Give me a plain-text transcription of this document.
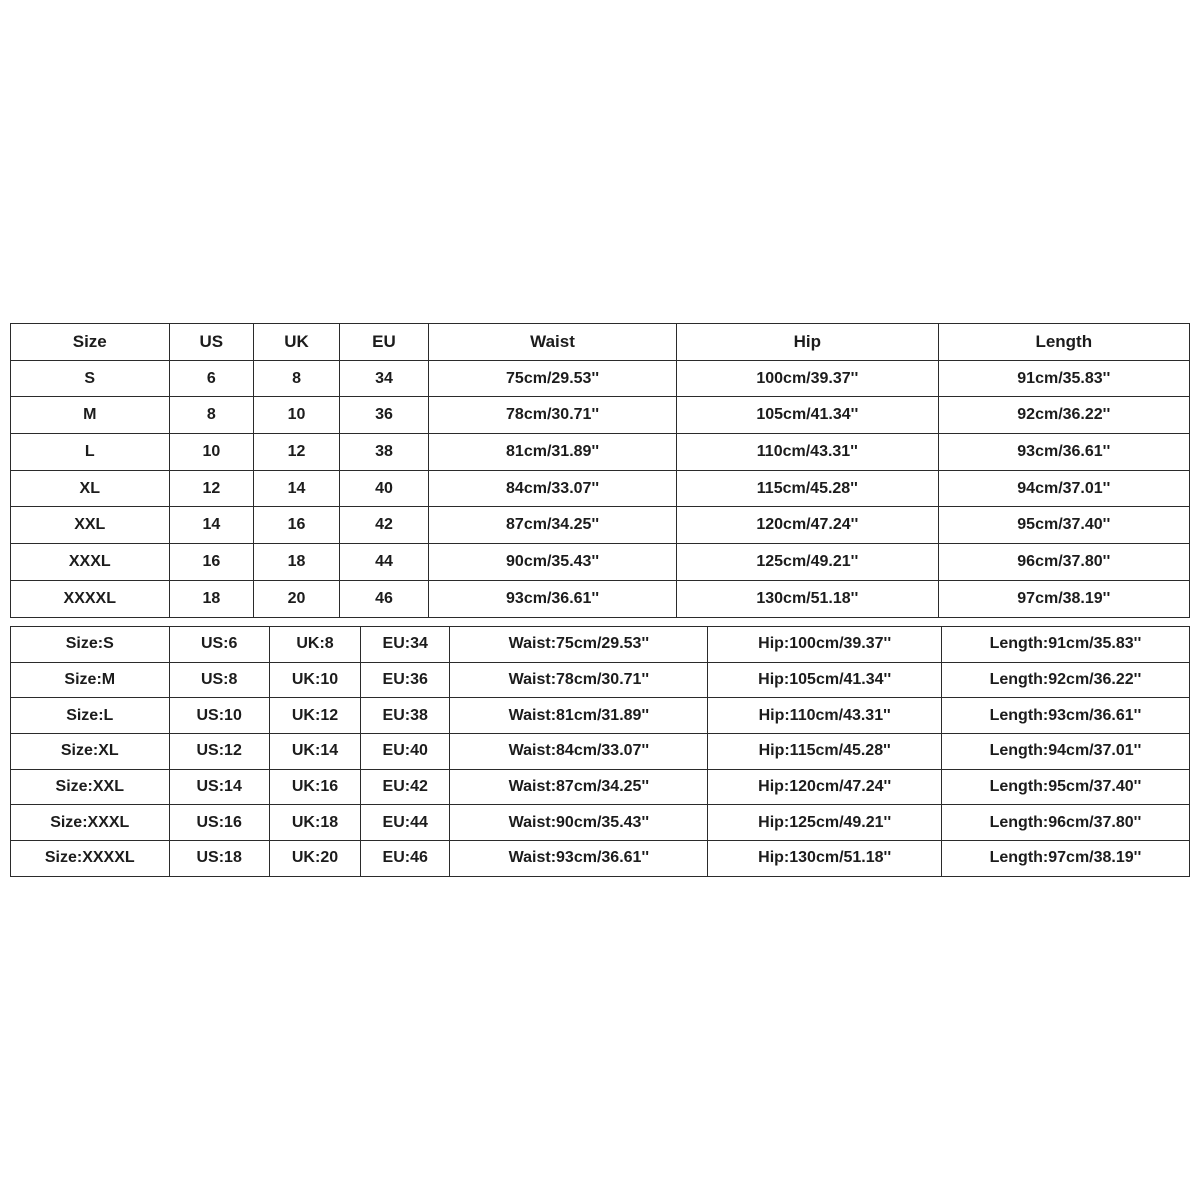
Size	US	UK	EU	Waist	Hip	Length
S	6	8	34	75cm/29.53''	100cm/39.37''	91cm/35.83''
M	8	10	36	78cm/30.71''	105cm/41.34''	92cm/36.22''
L	10	12	38	81cm/31.89''	110cm/43.31''	93cm/36.61''
XL	12	14	40	84cm/33.07''	115cm/45.28''	94cm/37.01''
XXL	14	16	42	87cm/34.25''	120cm/47.24''	95cm/37.40''
XXXL	16	18	44	90cm/35.43''	125cm/49.21''	96cm/37.80''
XXXXL	18	20	46	93cm/36.61''	130cm/51.18''	97cm/38.19''
Size:S	US:6	UK:8	EU:34	Waist:75cm/29.53''	Hip:100cm/39.37''	Length:91cm/35.83''
Size:M	US:8	UK:10	EU:36	Waist:78cm/30.71''	Hip:105cm/41.34''	Length:92cm/36.22''
Size:L	US:10	UK:12	EU:38	Waist:81cm/31.89''	Hip:110cm/43.31''	Length:93cm/36.61''
Size:XL	US:12	UK:14	EU:40	Waist:84cm/33.07''	Hip:115cm/45.28''	Length:94cm/37.01''
Size:XXL	US:14	UK:16	EU:42	Waist:87cm/34.25''	Hip:120cm/47.24''	Length:95cm/37.40''
Size:XXXL	US:16	UK:18	EU:44	Waist:90cm/35.43''	Hip:125cm/49.21''	Length:96cm/37.80''
Size:XXXXL	US:18	UK:20	EU:46	Waist:93cm/36.61''	Hip:130cm/51.18''	Length:97cm/38.19''
